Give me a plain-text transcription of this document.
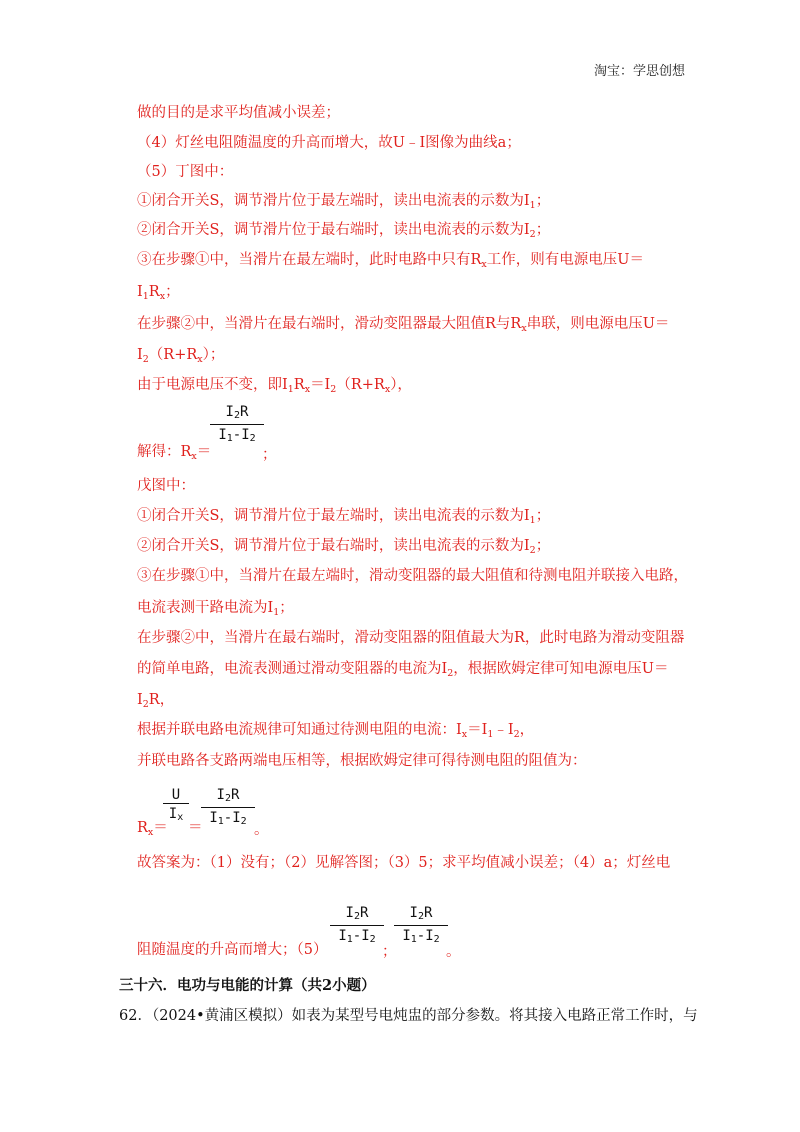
淘宝：学思创想
做的目的是求平均值减小误差；
（4）灯丝电阻随温度的升高而增大，故U﹣I图像为曲线a；
（5）丁图中：
①闭合开关S，调节滑片位于最左端时，读出电流表的示数为$I_1$；
②闭合开关S，调节滑片位于最右端时，读出电流表的示数为$I_2$；
③在步骤①中，当滑片在最左端时，此时电路中只有$R_x$工作，则有电源电压U＝
$I_1R_x$；
在步骤②中，当滑片在最右端时，滑动变阻器最大阻值R与$R_x$串联，则电源电压U＝
$I_2(R+R_x)$；
由于电源电压不变，即$I_1R_x=I_2(R+R_x)$，
I2R
I1-I2
解得：$R_x=$	；
戊图中：
①闭合开关S，调节滑片位于最左端时，读出电流表的示数为$I_1$；
②闭合开关S，调节滑片位于最右端时，读出电流表的示数为$I_2$；
③在步骤①中，当滑片在最左端时，滑动变阻器的最大阻值和待测电阻并联接入电路，
电流表测干路电流为$I_1$；
在步骤②中，当滑片在最右端时，滑动变阻器的阻值最大为R，此时电路为滑动变阻器
的简单电路，电流表测通过滑动变阻器的电流为$I_2$，根据欧姆定律可知电源电压U＝
$I_2R$，
根据并联电路电流规律可知通过待测电阻的电流：$I_x=I_1﹣I_2$，
并联电路各支路两端电压相等，根据欧姆定律可得待测电阻的阻值为：
U
Ix
I2R
I1-I2
$R_x=$ ＝	。
故答案为：（1）没有；（2）见解答图；（3）5；求平均值减小误差；（4）a；灯丝电
I2R
I1-I2
I2R
I1-I2
阻随温度的升高而增大；（5）	；	。
三十六．电功与电能的计算（共2小题）
62．（2024•黄浦区模拟）如表为某型号电炖盅的部分参数。将其接入电路正常工作时，与
